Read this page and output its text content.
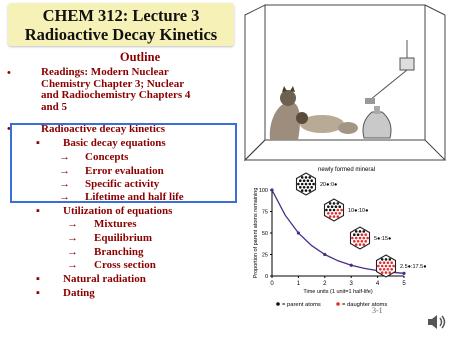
CHEM 312: Lecture 3
Radioactive Decay Kinetics
Outline
•	Readings: Modern Nuclear
Chemistry Chapter 3; Nuclear
and Radiochemistry Chapters 4
and 5
•	Radioactive decay kinetics
▪ Basic decay equations
→ Concepts
→ Error evaluation
→ Specific activity
→ Lifetime and half life
▪ Utilization of equations
→ Mixtures
→ Equilibrium
→ Branching
→ Cross section
▪ Natural radiation
▪ Dating
0
25
50
75
100
0	1	2	3	4	5
Time units (1 unit=1 half-life)
Proportion of parent atoms remaining
newly formed mineral
20●:0●
10●:10●
5●:15●
2.5●:17.5●
= parent atoms	= daughter atoms
3-1
